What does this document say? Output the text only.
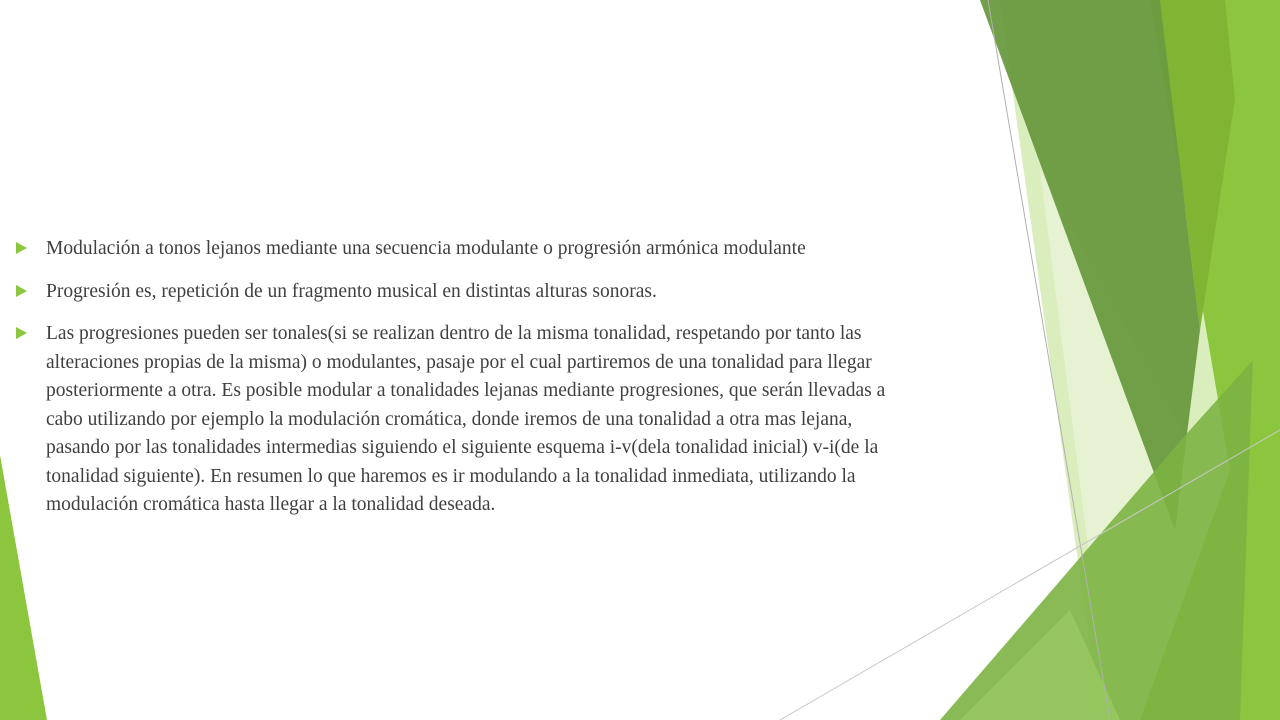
Modulación a tonos lejanos mediante una secuencia modulante o progresión armónica modulante
Progresión es, repetición de un fragmento musical en distintas alturas sonoras.
Las progresiones pueden ser tonales(si se realizan dentro de la misma tonalidad, respetando por tanto las alteraciones propias de la misma) o modulantes, pasaje por el cual partiremos de una tonalidad para llegar posteriormente a otra. Es posible modular a tonalidades lejanas mediante progresiones, que serán llevadas a cabo utilizando por ejemplo la modulación cromática, donde iremos de una tonalidad a otra mas lejana, pasando por las tonalidades intermedias siguiendo el siguiente esquema i-v(dela tonalidad inicial) v-i(de la tonalidad siguiente). En resumen lo que haremos es ir modulando a la tonalidad inmediata, utilizando la modulación cromática hasta llegar a la tonalidad deseada.
